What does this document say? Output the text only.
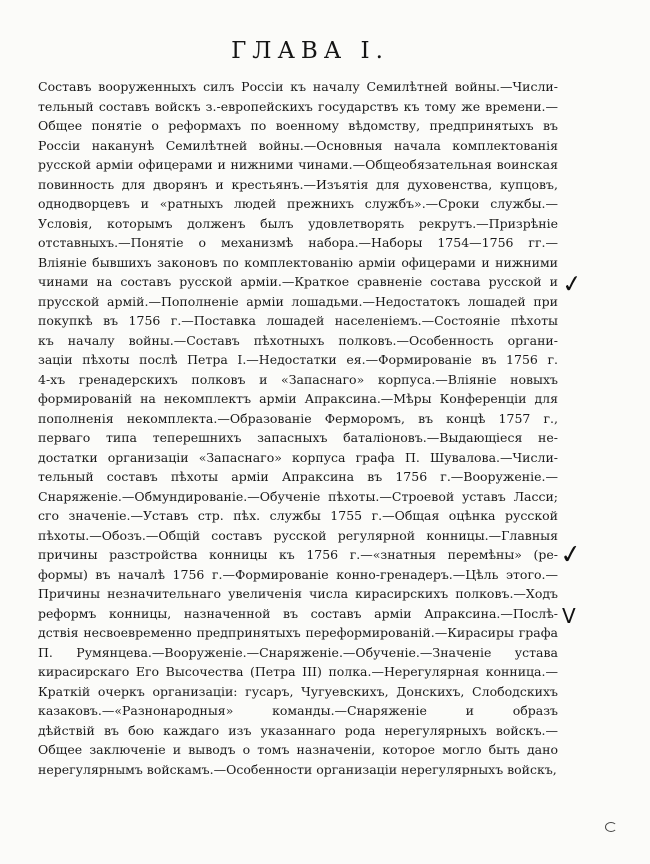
ГЛАВА I.
Составъ вооруженныхъ силъ Россіи къ началу Семилѣтней войны.—Числи-
тельный составъ войскъ з.-европейскихъ государствъ къ тому же времени.—
Общее понятіе о реформахъ по военному вѣдомству, предпринятыхъ въ
Россіи наканунѣ Семилѣтней войны.—Основныя начала комплектованія
русской арміи офицерами и нижними чинами.—Общеобязательная воинская
повинность для дворянъ и крестьянъ.—Изъятія для духовенства, купцовъ,
однодворцевъ и «ратныхъ людей прежнихъ службъ».—Сроки службы.—
Условія, которымъ долженъ былъ удовлетворять рекрутъ.—Призрѣніе
отставныхъ.—Понятіе о механизмѣ набора.—Наборы 1754—1756 гг.—
Вліяніе бывшихъ законовъ по комплектованію арміи офицерами и нижними
чинами на составъ русской арміи.—Краткое сравненіе состава русской и
прусской армій.—Пополненіе арміи лошадьми.—Недостатокъ лошадей при
покупкѣ въ 1756 г.—Поставка лошадей населеніемъ.—Состояніе пѣхоты
къ началу войны.—Составъ пѣхотныхъ полковъ.—Особенность органи-
заціи пѣхоты послѣ Петра I.—Недостатки ея.—Формированіе въ 1756 г.
4-хъ гренадерскихъ полковъ и «Запаснаго» корпуса.—Вліяніе новыхъ
формированій на некомплектъ арміи Апраксина.—Мѣры Конференціи для
пополненія некомплекта.—Образованіе Ферморомъ, въ концѣ 1757 г.,
перваго типа теперешнихъ запасныхъ баталіоновъ.—Выдающіеся не-
достатки организаціи «Запаснаго» корпуса графа П. Шувалова.—Числи-
тельный составъ пѣхоты арміи Апраксина въ 1756 г.—Вооруженіе.—
Снаряженіе.—Обмундированіе.—Обученіе пѣхоты.—Строевой уставъ Ласси;
сго значеніе.—Уставъ стр. пѣх. службы 1755 г.—Общая оцѣнка русской
пѣхоты.—Обозъ.—Общій составъ русской регулярной конницы.—Главныя
причины разстройства конницы къ 1756 г.—«знатныя перемѣны» (ре-
формы) въ началѣ 1756 г.—Формированіе конно-гренадеръ.—Цѣль этого.—
Причины незначительнаго увеличенія числа кирасирскихъ полковъ.—Ходъ
реформъ конницы, назначенной въ составъ арміи Апраксина.—Послѣ-
дствія несвоевременно предпринятыхъ переформированій.—Кирасиры графа
П. Румянцева.—Вооруженіе.—Снаряженіе.—Обученіе.—Значеніе устава
кирасирскаго Его Высочества (Петра III) полка.—Нерегулярная конница.—
Краткій очеркъ организаціи: гусаръ, Чугуевскихъ, Донскихъ, Слободскихъ
казаковъ.—«Разнонародныя» команды.—Снаряженіе и образъ
дѣйствій въ бою каждаго изъ указаннаго рода нерегулярныхъ войскъ.—
Общее заключеніе и выводъ о томъ назначеніи, которое могло быть дано
нерегулярнымъ войскамъ.—Особенности организаціи нерегулярныхъ войскъ,
✓
✓
V
